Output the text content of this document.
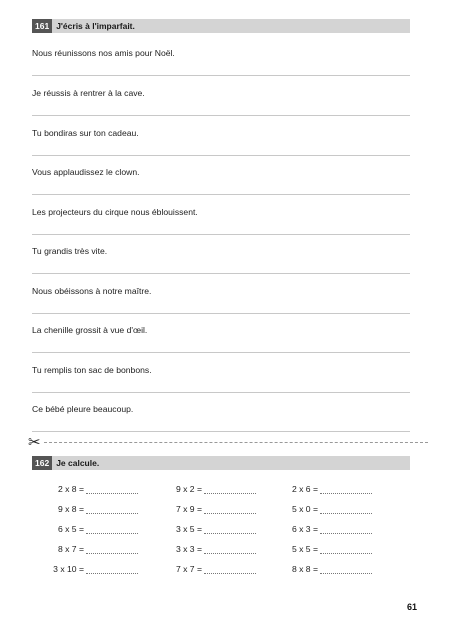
161 J'écris à l'imparfait.
Nous réunissons nos amis pour Noël.
Je réussis à rentrer à la cave.
Tu bondiras sur ton cadeau.
Vous applaudissez le clown.
Les projecteurs du cirque nous éblouissent.
Tu grandis très vite.
Nous obéissons à notre maître.
La chenille grossit à vue d'œil.
Tu remplis ton sac de bonbons.
Ce bébé pleure beaucoup.
✂
162 Je calcule.
2 x 8 =
9 x 8 =
6 x 5 =
8 x 7 =
3 x 10 =
9 x 2 =
7 x 9 =
3 x 5 =
3 x 3 =
7 x 7 =
2 x 6 =
5 x 0 =
6 x 3 =
5 x 5 =
8 x 8 =
61
